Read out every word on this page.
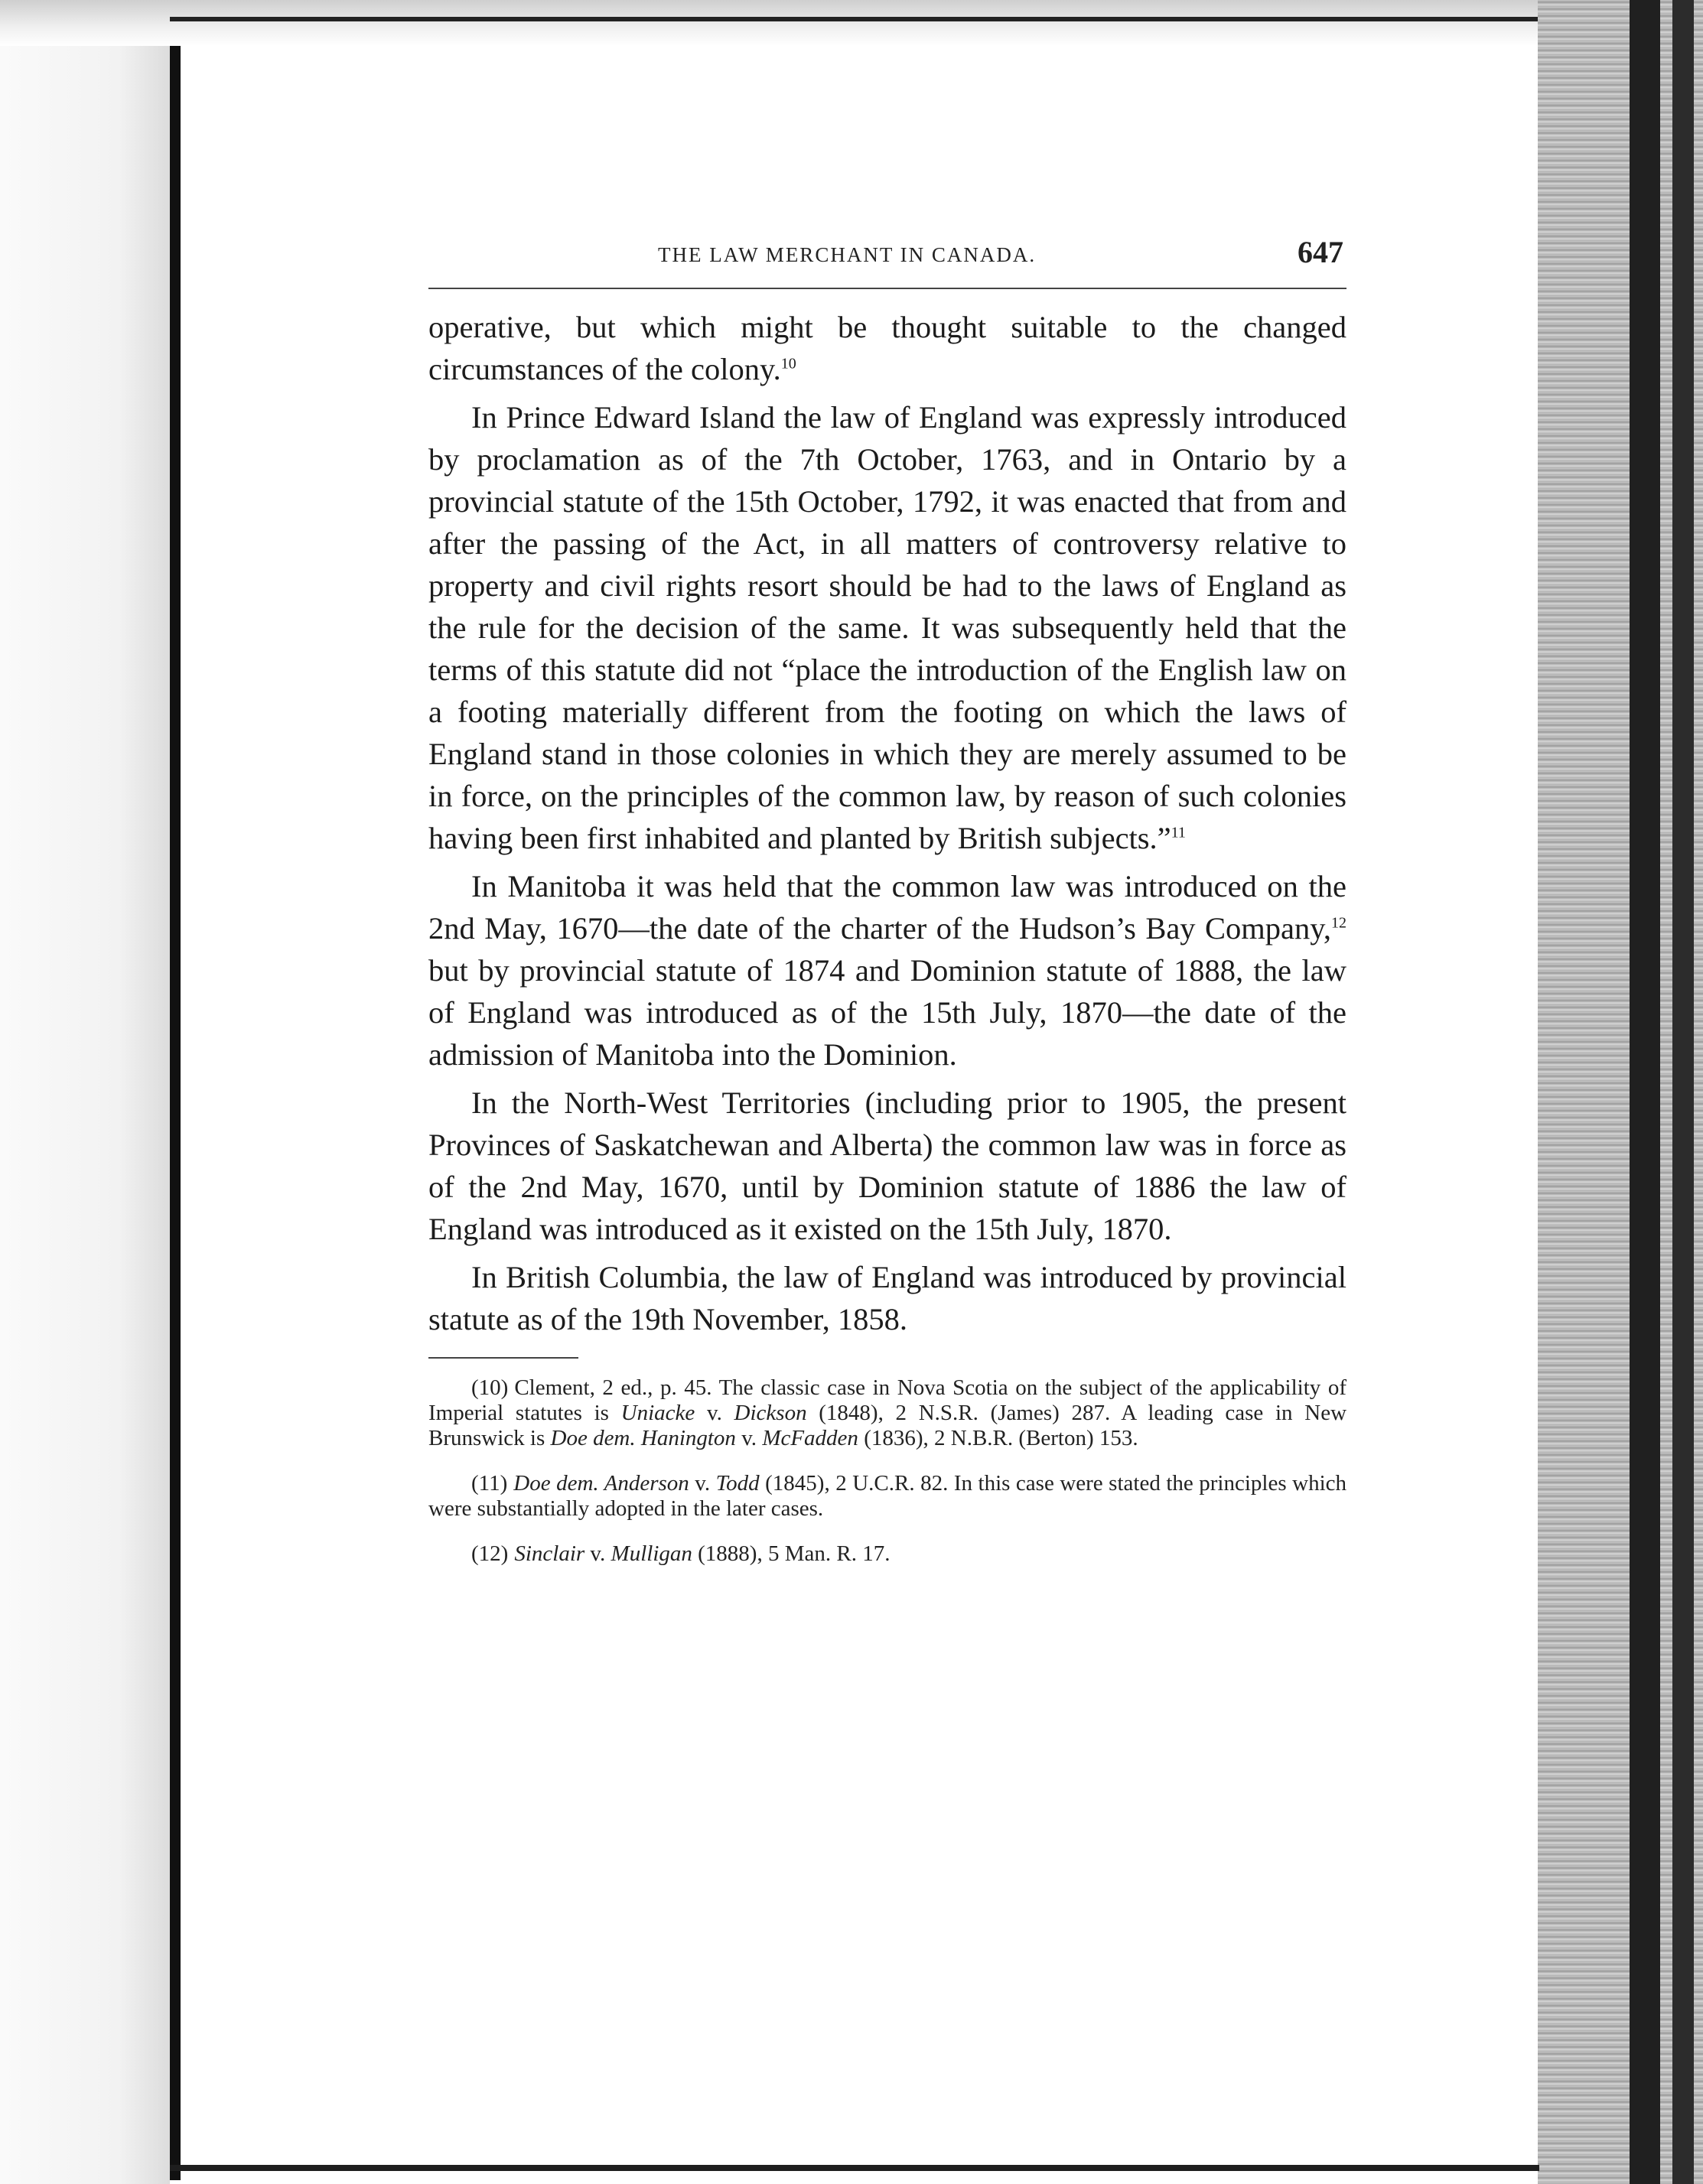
THE LAW MERCHANT IN CANADA.	647

operative, but which might be thought suitable to the changed circumstances of the colony.$^{10}$

In Prince Edward Island the law of England was expressly introduced by proclamation as of the 7th October, 1763, and in Ontario by a provincial statute of the 15th October, 1792, it was enacted that from and after the passing of the Act, in all matters of controversy relative to property and civil rights resort should be had to the laws of England as the rule for the decision of the same. It was subsequently held that the terms of this statute did not “place the introduction of the English law on a footing materially different from the footing on which the laws of England stand in those colonies in which they are merely assumed to be in force, on the principles of the common law, by reason of such colonies having been first inhabited and planted by British subjects.”$^{11}$

In Manitoba it was held that the common law was introduced on the 2nd May, 1670—the date of the charter of the Hudson’s Bay Company,$^{12}$ but by provincial statute of 1874 and Dominion statute of 1888, the law of England was introduced as of the 15th July, 1870—the date of the admission of Manitoba into the Dominion.

In the North-West Territories (including prior to 1905, the present Provinces of Saskatchewan and Alberta) the common law was in force as of the 2nd May, 1670, until by Dominion statute of 1886 the law of England was introduced as it existed on the 15th July, 1870.

In British Columbia, the law of England was introduced by provincial statute as of the 19th November, 1858.

(10) Clement, 2 ed., p. 45. The classic case in Nova Scotia on the subject of the applicability of Imperial statutes is Uniacke v. Dickson (1848), 2 N.S.R. (James) 287. A leading case in New Brunswick is Doe dem. Hanington v. McFadden (1836), 2 N.B.R. (Berton) 153.

(11) Doe dem. Anderson v. Todd (1845), 2 U.C.R. 82. In this case were stated the principles which were substantially adopted in the later cases.

(12) Sinclair v. Mulligan (1888), 5 Man. R. 17.
